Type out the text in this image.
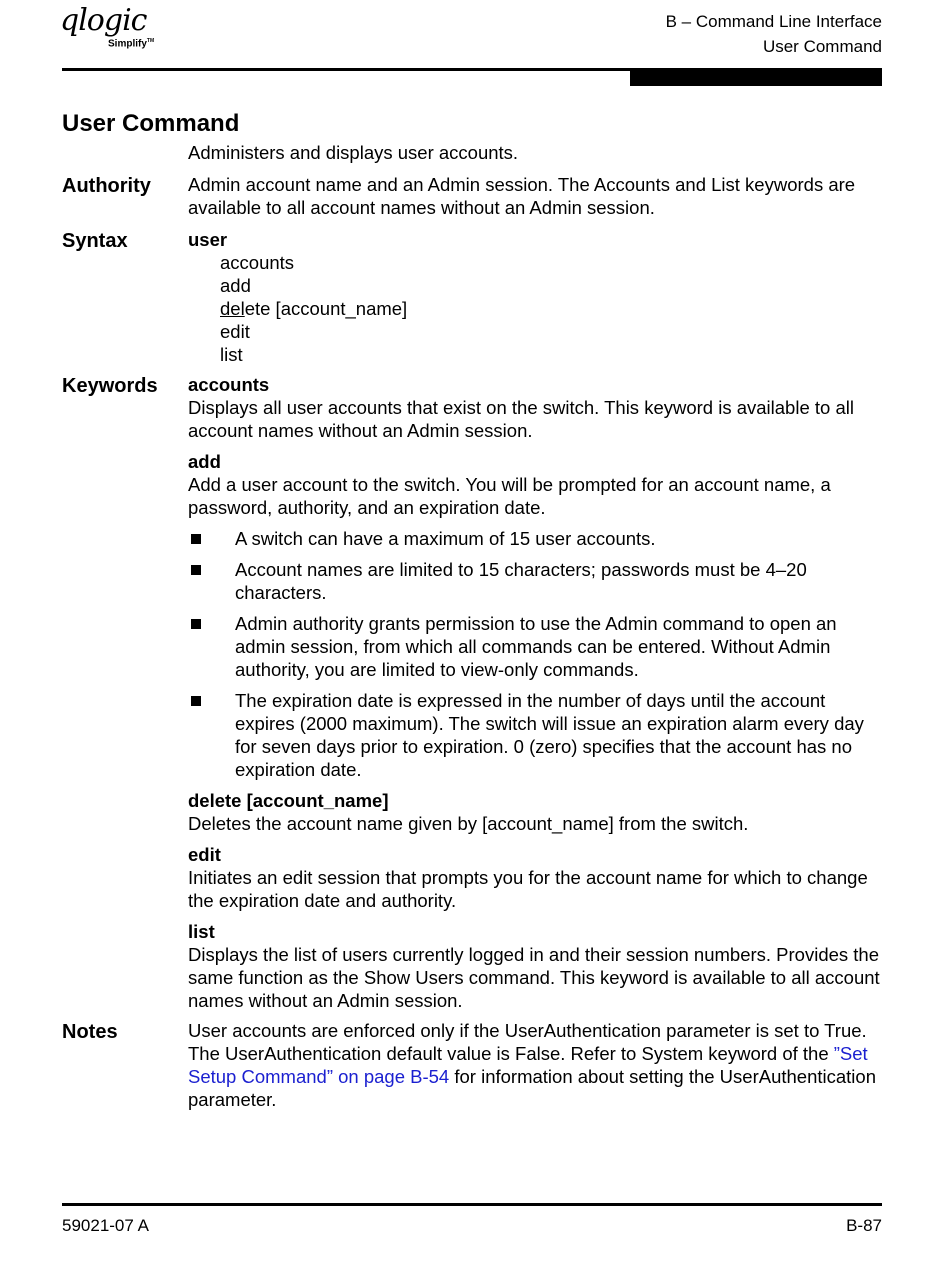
qlogic
Simplify™
B – Command Line Interface
User Command
User Command

Administers and displays user accounts.

Authority	Admin account name and an Admin session. The Accounts and List keywords are available to all account names without an Admin session.

Syntax	user

accounts

add

delete [account_name]

edit

list

Keywords	accounts

Displays all user accounts that exist on the switch. This keyword is available to all account names without an Admin session.

add

Add a user account to the switch. You will be prompted for an account name, a password, authority, and an expiration date.

A switch can have a maximum of 15 user accounts.
Account names are limited to 15 characters; passwords must be 4–20 characters.
Admin authority grants permission to use the Admin command to open an admin session, from which all commands can be entered. Without Admin authority, you are limited to view-only commands.
The expiration date is expressed in the number of days until the account expires (2000 maximum). The switch will issue an expiration alarm every day for seven days prior to expiration. 0 (zero) specifies that the account has no expiration date.

delete [account_name]

Deletes the account name given by [account_name] from the switch.

edit

Initiates an edit session that prompts you for the account name for which to change the expiration date and authority.

list

Displays the list of users currently logged in and their session numbers. Provides the same function as the Show Users command. This keyword is available to all account names without an Admin session.

Notes	User accounts are enforced only if the UserAuthentication parameter is set to True. The UserAuthentication default value is False. Refer to System keyword of the ”Set Setup Command” on page B-54 for information about setting the UserAuthentication parameter.

59021-07 A	B-87
